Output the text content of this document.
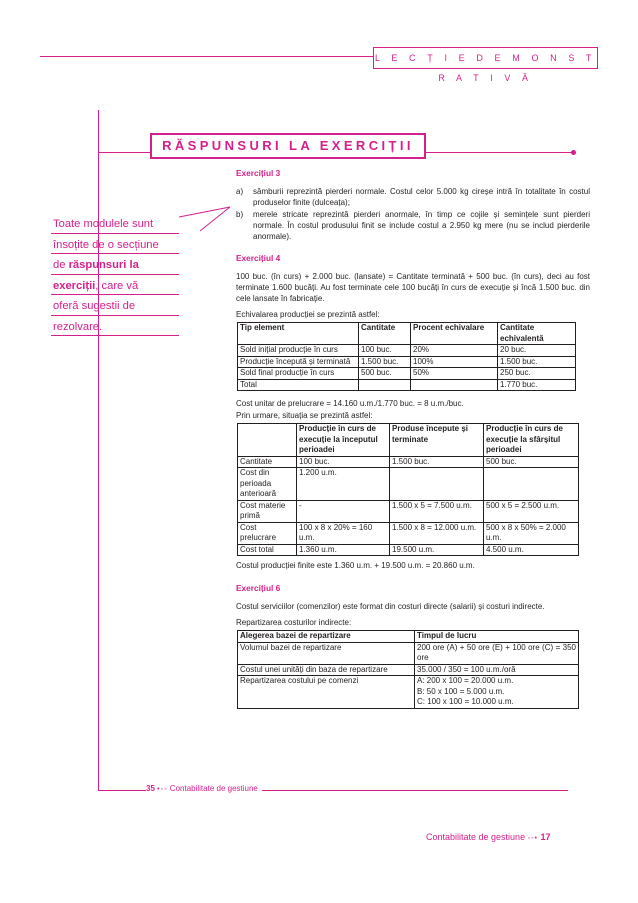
L E C Ț I E D E M O N S T R A T I V Ă
RĂSPUNSURI LA EXERCIȚII
Toate modulele sunt
însoțite de o secțiune
de răspunsuri la
exerciții, care vă
oferă sugestii de
rezolvare.
Exercițiul 3
a)	sâmburii reprezintă pierderi normale. Costul celor 5.000 kg cireșe intră în totalitate în costul produselor finite (dulceața);
b)	merele stricate reprezintă pierderi anormale, în timp ce cojile și semințele sunt pierderi normale. În costul produsului finit se include costul a 2.950 kg mere (nu se includ pierderile anormale).
Exercițiul 4
100 buc. (în curs) + 2.000 buc. (lansate) = Cantitate terminată + 500 buc. (în curs), deci au fost terminate 1.600 bucăți. Au fost terminate cele 100 bucăți în curs de execuție și încă 1.500 buc. din cele lansate în fabricație.
Echivalarea producției se prezintă astfel:
Tip element	Cantitate	Procent echivalare	Cantitate echivalentă
Sold inițial producție în curs	100 buc.	20%	20 buc.
Producție începută și terminată	1.500 buc.	100%	1.500 buc.
Sold final producție în curs	500 buc.	50%	250 buc.
Total			1.770 buc.
Cost unitar de prelucrare = 14.160 u.m./1.770 buc. = 8 u.m./buc.
Prin urmare, situația se prezintă astfel:
	Producție în curs de execuție la începutul perioadei	Produse începute și terminate	Producție în curs de execuție la sfârșitul perioadei
Cantitate	100 buc.	1.500 buc.	500 buc.
Cost din perioada anterioară	1.200 u.m.		
Cost materie primă	-	1.500 x 5 = 7.500 u.m.	500 x 5 = 2.500 u.m.
Cost prelucrare	100 x 8 x 20% = 160 u.m.	1.500 x 8 = 12.000 u.m.	500 x 8 x 50% = 2.000 u.m.
Cost total	1.360 u.m.	19.500 u.m.	4.500 u.m.
Costul producției finite este 1.360 u.m. + 19.500 u.m. = 20.860 u.m.
Exercițiul 6
Costul serviciilor (comenzilor) este format din costuri directe (salarii) și costuri indirecte.
Repartizarea costurilor indirecte:
Alegerea bazei de repartizare	Timpul de lucru
Volumul bazei de repartizare	200 ore (A) + 50 ore (E) + 100 ore (C) = 350 ore
Costul unei unități din baza de repartizare	35.000 / 350 = 100 u.m./oră
Repartizarea costului pe comenzi	A: 200 x 100 = 20.000 u.m.
B: 50 x 100 = 5.000 u.m.
C: 100 x 100 = 10.000 u.m.
35 •◦◦ Contabilitate de gestiune
Contabilitate de gestiune ◦◦• 17
